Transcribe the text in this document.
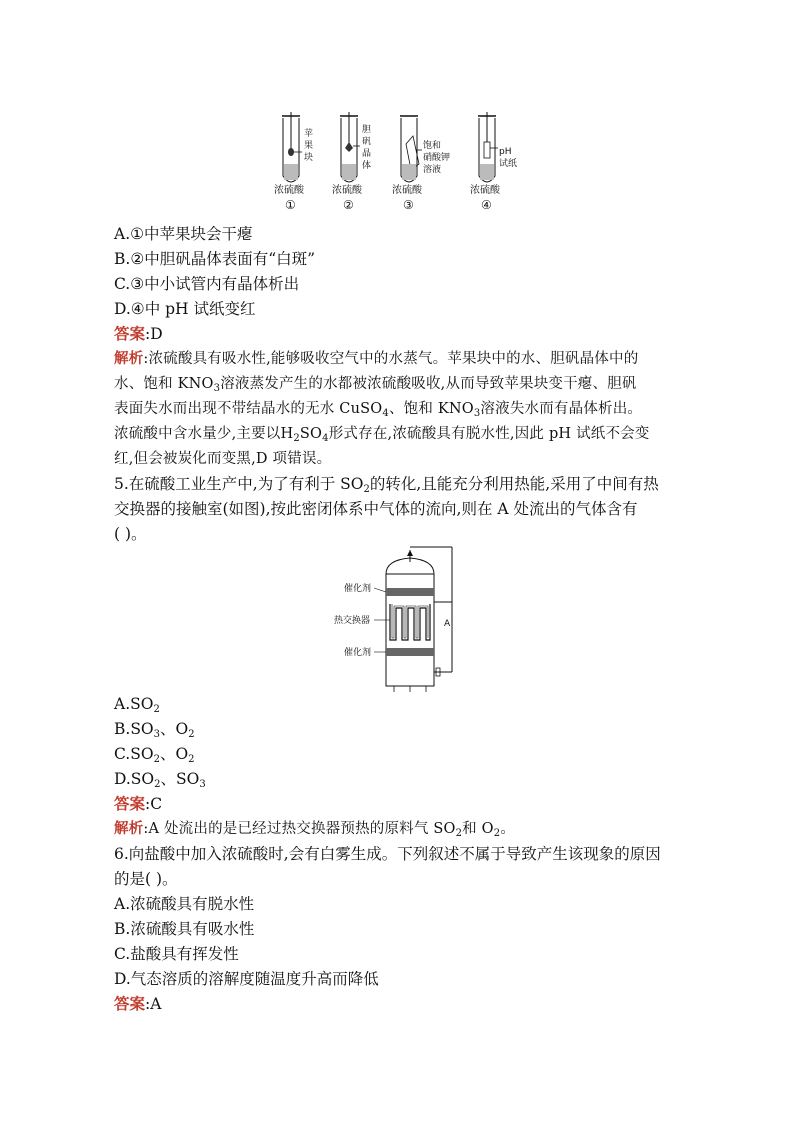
苹
果
块
浓硫酸
①
胆
矾
晶
体
浓硫酸
②
饱和
硝酸钾
溶液
浓硫酸
③
pH
试纸
浓硫酸
④
A.①中苹果块会干瘪
B.②中胆矾晶体表面有“白斑”
C.③中小试管内有晶体析出
D.④中 pH 试纸变红
答案:D
解析:浓硫酸具有吸水性,能够吸收空气中的水蒸气。苹果块中的水、胆矾晶体中的
水、饱和 $KNO_3$溶液蒸发产生的水都被浓硫酸吸收,从而导致苹果块变干瘪、胆矾
表面失水而出现不带结晶水的无水 CuSO$_4$、饱和 $KNO_3$溶液失水而有晶体析出。
浓硫酸中含水量少,主要以$H_2SO_4$形式存在,浓硫酸具有脱水性,因此 pH 试纸不会变
红,但会被炭化而变黑,D 项错误。
5.在硫酸工业生产中,为了有利于 $SO_2$的转化,且能充分利用热能,采用了中间有热
交换器的接触室(如图),按此密闭体系中气体的流向,则在 A 处流出的气体含有
( )。
催化剂
热交换器
催化剂
A
$A.SO_2$
$B.SO_3$、$O_2$
$C.SO_2$、$O_2$
$D.SO_2$、$SO_3$
答案:C
解析:A 处流出的是已经过热交换器预热的原料气 $SO_2$和 $O_2$。
6.向盐酸中加入浓硫酸时,会有白雾生成。下列叙述不属于导致产生该现象的原因
的是( )。
A.浓硫酸具有脱水性
B.浓硫酸具有吸水性
C.盐酸具有挥发性
D.气态溶质的溶解度随温度升高而降低
答案:A
